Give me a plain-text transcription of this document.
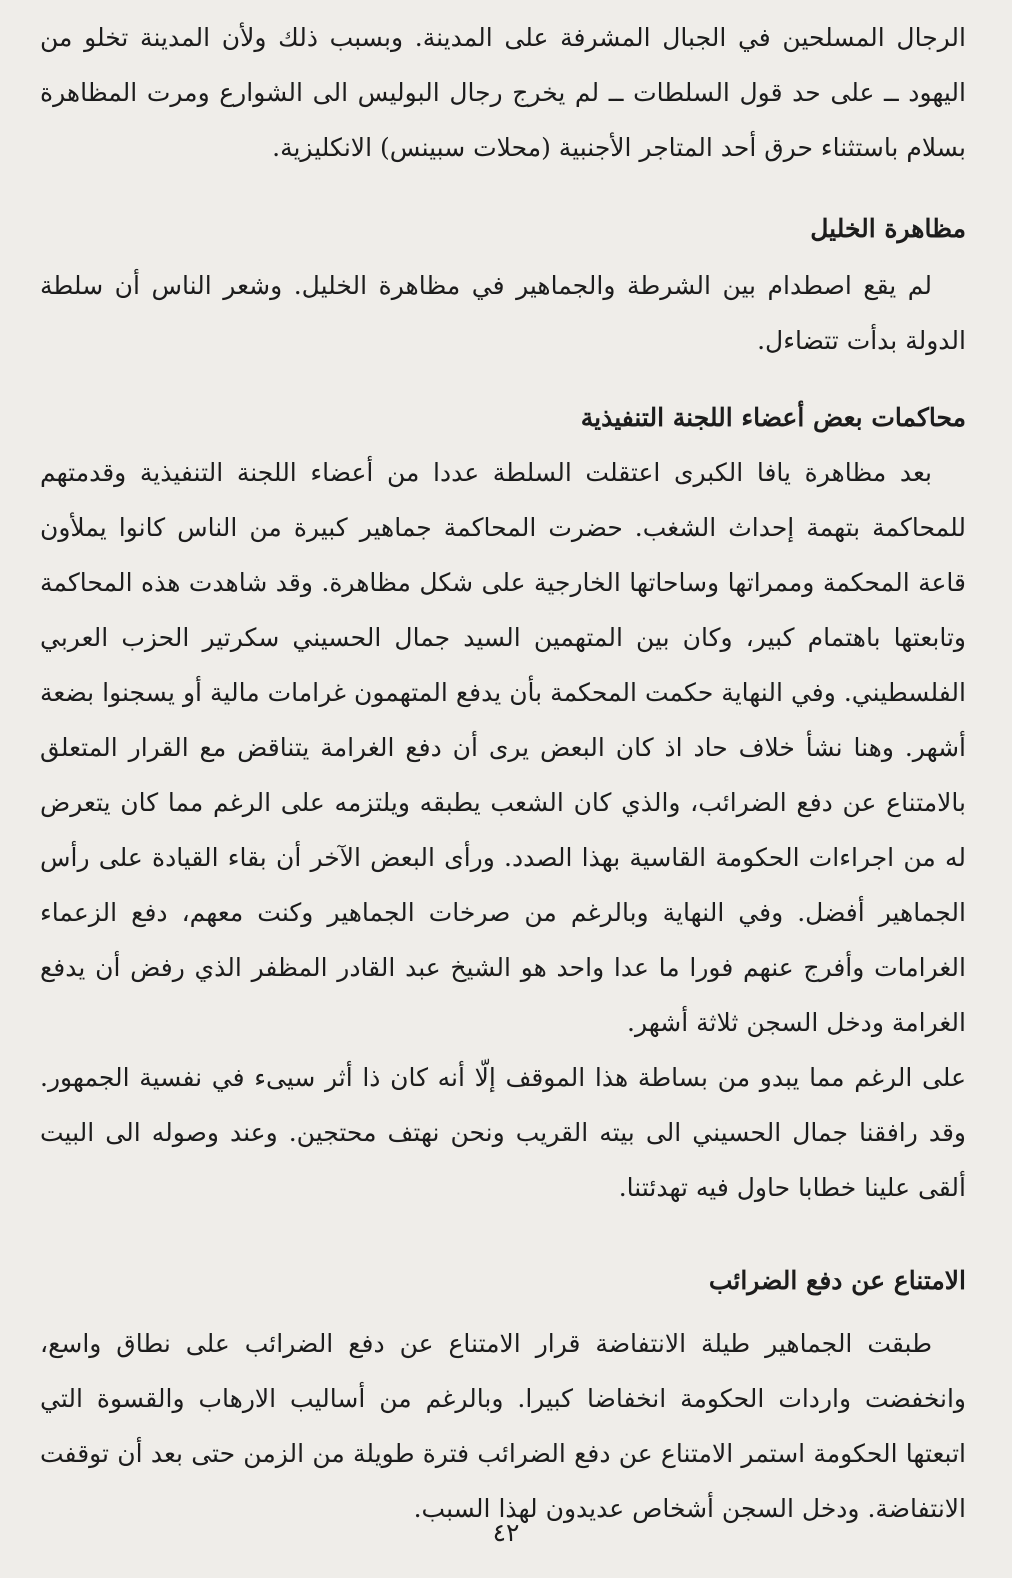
الرجال المسلحين في الجبال المشرفة على المدينة. وبسبب ذلك ولأن المدينة تخلو من اليهود ــ على حد قول السلطات ــ لم يخرج رجال البوليس الى الشوارع ومرت المظاهرة بسلام باستثناء حرق أحد المتاجر الأجنبية (محلات سبينس) الانكليزية.

مظاهرة الخليل

لم يقع اصطدام بين الشرطة والجماهير في مظاهرة الخليل. وشعر الناس أن سلطة الدولة بدأت تتضاءل.

محاكمات بعض أعضاء اللجنة التنفيذية

بعد مظاهرة يافا الكبرى اعتقلت السلطة عددا من أعضاء اللجنة التنفيذية وقدمتهم للمحاكمة بتهمة إحداث الشغب. حضرت المحاكمة جماهير كبيرة من الناس كانوا يملأون قاعة المحكمة وممراتها وساحاتها الخارجية على شكل مظاهرة. وقد شاهدت هذه المحاكمة وتابعتها باهتمام كبير، وكان بين المتهمين السيد جمال الحسيني سكرتير الحزب العربي الفلسطيني. وفي النهاية حكمت المحكمة بأن يدفع المتهمون غرامات مالية أو يسجنوا بضعة أشهر. وهنا نشأ خلاف حاد اذ كان البعض يرى أن دفع الغرامة يتناقض مع القرار المتعلق بالامتناع عن دفع الضرائب، والذي كان الشعب يطبقه ويلتزمه على الرغم مما كان يتعرض له من اجراءات الحكومة القاسية بهذا الصدد. ورأى البعض الآخر أن بقاء القيادة على رأس الجماهير أفضل. وفي النهاية وبالرغم من صرخات الجماهير وكنت معهم، دفع الزعماء الغرامات وأفرج عنهم فورا ما عدا واحد هو الشيخ عبد القادر المظفر الذي رفض أن يدفع الغرامة ودخل السجن ثلاثة أشهر.

على الرغم مما يبدو من بساطة هذا الموقف إلّا أنه كان ذا أثر سيىء في نفسية الجمهور. وقد رافقنا جمال الحسيني الى بيته القريب ونحن نهتف محتجين. وعند وصوله الى البيت ألقى علينا خطابا حاول فيه تهدئتنا.

الامتناع عن دفع الضرائب

طبقت الجماهير طيلة الانتفاضة قرار الامتناع عن دفع الضرائب على نطاق واسع، وانخفضت واردات الحكومة انخفاضا كبيرا. وبالرغم من أساليب الارهاب والقسوة التي اتبعتها الحكومة استمر الامتناع عن دفع الضرائب فترة طويلة من الزمن حتى بعد أن توقفت الانتفاضة. ودخل السجن أشخاص عديدون لهذا السبب.

٤٢
